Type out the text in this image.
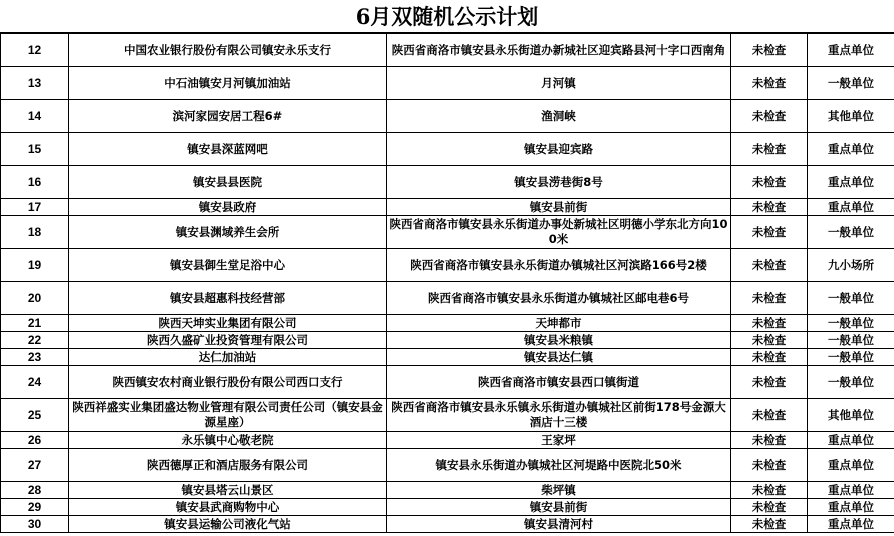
6月双随机公示计划
12	中国农业银行股份有限公司镇安永乐支行	陕西省商洛市镇安县永乐街道办新城社区迎宾路县河十字口西南角	未检查	重点单位
13	中石油镇安月河镇加油站	月河镇	未检查	一般单位
14	滨河家园安居工程6#	渔洞峡	未检查	其他单位
15	镇安县深蓝网吧	镇安县迎宾路	未检查	重点单位
16	镇安县县医院	镇安县涝巷街8号	未检查	重点单位
17	镇安县政府	镇安县前街	未检查	重点单位
18	镇安县渊域养生会所	陕西省商洛市镇安县永乐街道办事处新城社区明德小学东北方向100米	未检查	一般单位
19	镇安县御生堂足浴中心	陕西省商洛市镇安县永乐街道办镇城社区河滨路166号2楼	未检查	九小场所
20	镇安县超惠科技经营部	陕西省商洛市镇安县永乐街道办镇城社区邮电巷6号	未检查	一般单位
21	陕西天坤实业集团有限公司	天坤都市	未检查	一般单位
22	陕西久盛矿业投资管理有限公司	镇安县米粮镇	未检查	一般单位
23	达仁加油站	镇安县达仁镇	未检查	一般单位
24	陕西镇安农村商业银行股份有限公司西口支行	陕西省商洛市镇安县西口镇街道	未检查	一般单位
25	陕西祥盛实业集团盛达物业管理有限公司责任公司（镇安县金源星座）	陕西省商洛市镇安县永乐镇永乐街道办镇城社区前街178号金源大酒店十三楼	未检查	其他单位
26	永乐镇中心敬老院	王家坪	未检查	重点单位
27	陕西德厚正和酒店服务有限公司	镇安县永乐街道办镇城社区河堤路中医院北50米	未检查	重点单位
28	镇安县塔云山景区	柴坪镇	未检查	重点单位
29	镇安县武商购物中心	镇安县前街	未检查	重点单位
30	镇安县运输公司液化气站	镇安县清河村	未检查	重点单位
